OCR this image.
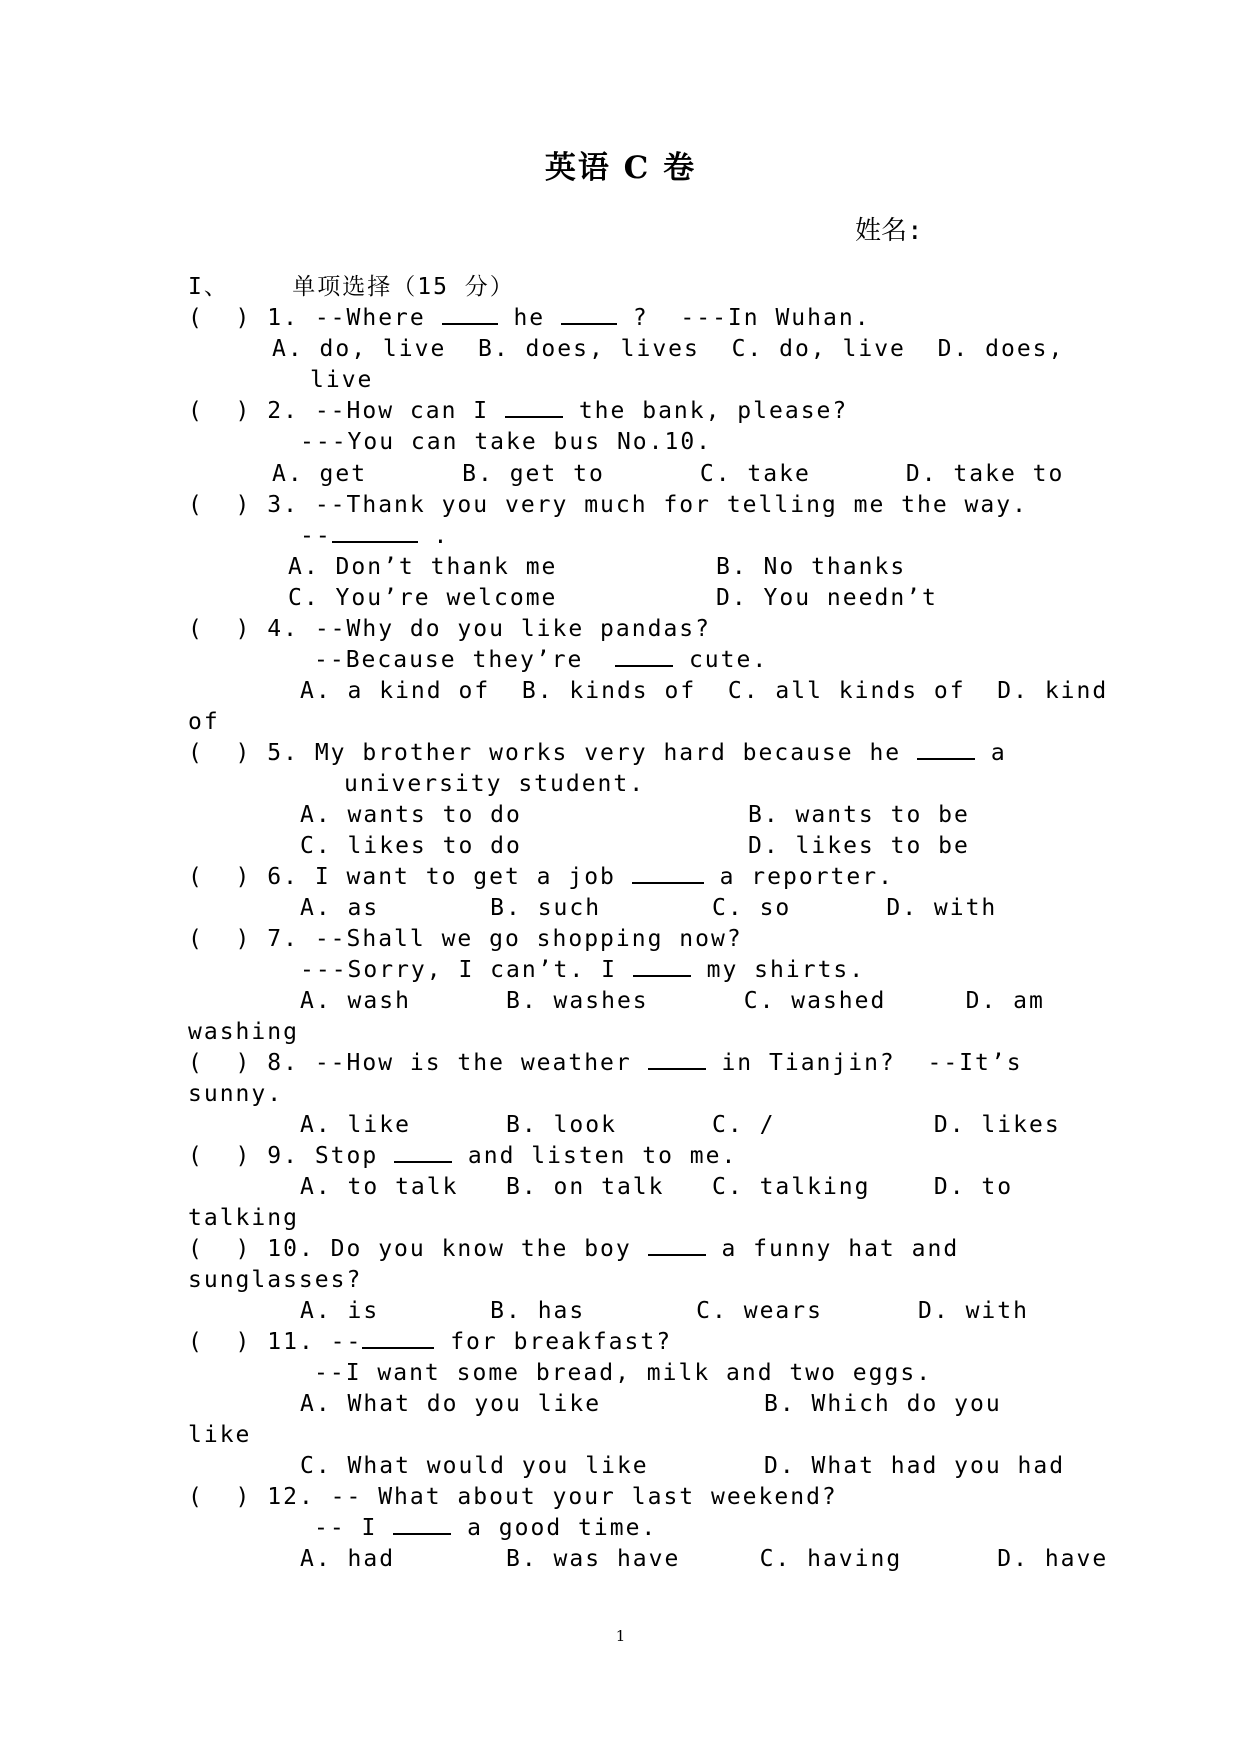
英语 C 卷
姓名:
I、    单项选择（15 分）
(  ) 1. --Where  he  ?  ---In Wuhan.
A. do, live  B. does, lives  C. do, live  D. does,
live
(  ) 2. --How can I	the bank, please?
---You can take bus No.10.
A. get      B. get to      C. take      D. take to
(  ) 3. --Thank you very much for telling me the way.
--	.
A. Don’t thank me	B. No thanks
C. You’re welcome	D. You needn’t
(  ) 4. --Why do you like pandas?
--Because they’re	cute.
A. a kind of  B. kinds of  C. all kinds of  D. kind
of
(  ) 5. My brother works very hard because he	a
university student.
A. wants to do	B. wants to be
C. likes to do	D. likes to be
(  ) 6. I want to get a job	a reporter.
A. as       B. such       C. so      D. with
(  ) 7. --Shall we go shopping now?
---Sorry, I can’t. I	my shirts.
A. wash      B. washes      C. washed     D. am
washing
(  ) 8. --How is the weather	in Tianjin?  --It’s
sunny.
A. like      B. look      C. /          D. likes
(  ) 9. Stop	and listen to me.
A. to talk   B. on talk   C. talking    D. to
talking
(  ) 10. Do you know the boy	a funny hat and
sunglasses?
A. is       B. has       C. wears      D. with
(  ) 11. --	for breakfast?
--I want some bread, milk and two eggs.
A. What do you like	B. Which do you
like
C. What would you like	D. What had you had
(  ) 12. -- What about your last weekend?
-- I	a good time.
A. had       B. was have     C. having      D. have
1
